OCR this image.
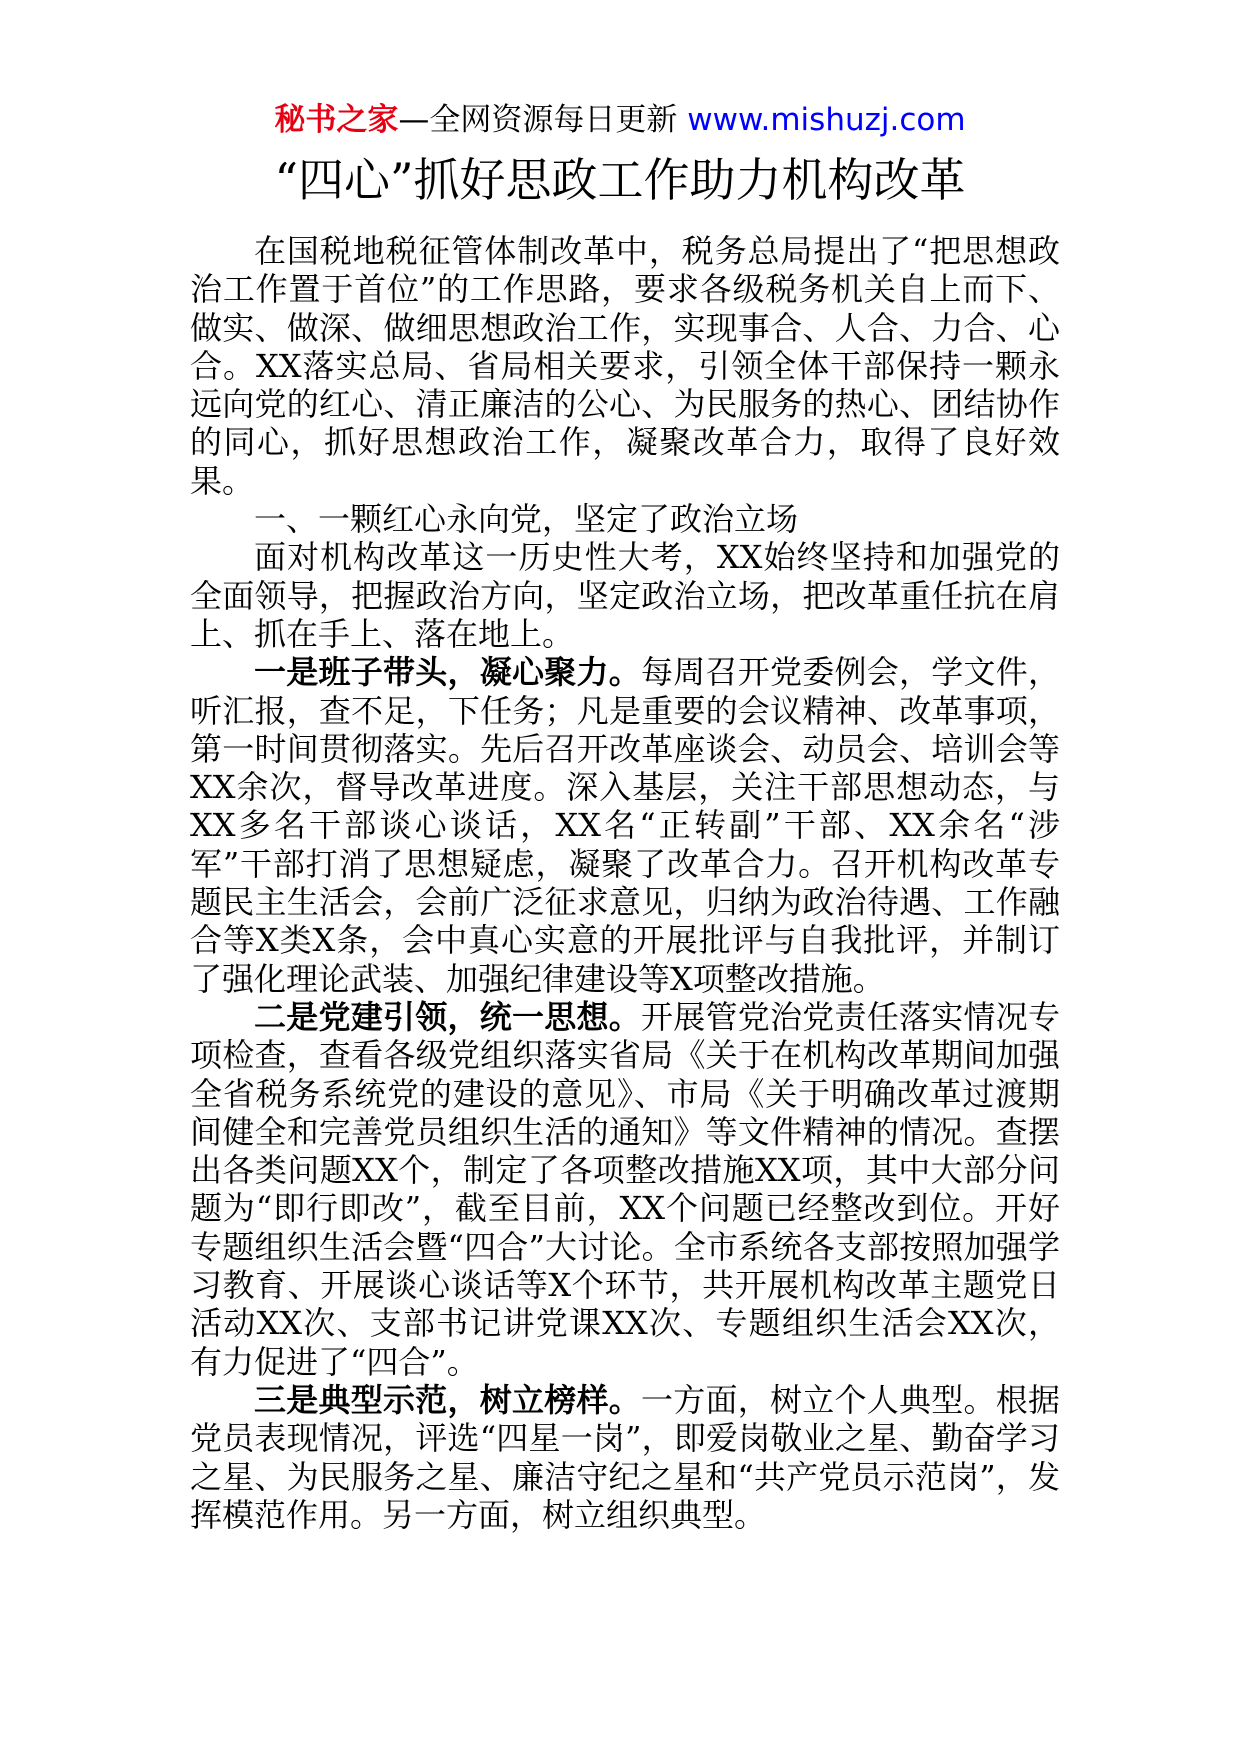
秘书之家—全网资源每日更新 www.mishuzj.com
“四心”抓好思政工作助力机构改革

在国税地税征管体制改革中，税务总局提出了“把思想政治工作置于首位”的工作思路，要求各级税务机关自上而下、做实、做深、做细思想政治工作，实现事合、人合、力合、心合。XX落实总局、省局相关要求，引领全体干部保持一颗永远向党的红心、清正廉洁的公心、为民服务的热心、团结协作的同心，抓好思想政治工作，凝聚改革合力，取得了良好效果。

一、一颗红心永向党，坚定了政治立场

面对机构改革这一历史性大考，XX始终坚持和加强党的全面领导，把握政治方向，坚定政治立场，把改革重任抗在肩上、抓在手上、落在地上。

一是班子带头，凝心聚力。每周召开党委例会，学文件，听汇报，查不足，下任务；凡是重要的会议精神、改革事项，第一时间贯彻落实。先后召开改革座谈会、动员会、培训会等XX余次，督导改革进度。深入基层，关注干部思想动态，与XX多名干部谈心谈话，XX名“正转副”干部、XX余名“涉军”干部打消了思想疑虑，凝聚了改革合力。召开机构改革专题民主生活会，会前广泛征求意见，归纳为政治待遇、工作融合等X类X条，会中真心实意的开展批评与自我批评，并制订了强化理论武装、加强纪律建设等X项整改措施。

二是党建引领，统一思想。开展管党治党责任落实情况专项检查，查看各级党组织落实省局《关于在机构改革期间加强全省税务系统党的建设的意见》、市局《关于明确改革过渡期间健全和完善党员组织生活的通知》等文件精神的情况。查摆出各类问题XX个，制定了各项整改措施XX项，其中大部分问题为“即行即改”，截至目前，XX个问题已经整改到位。开好专题组织生活会暨“四合”大讨论。全市系统各支部按照加强学习教育、开展谈心谈话等X个环节，共开展机构改革主题党日活动XX次、支部书记讲党课XX次、专题组织生活会XX次，有力促进了“四合”。

三是典型示范，树立榜样。一方面，树立个人典型。根据党员表现情况，评选“四星一岗”，即爱岗敬业之星、勤奋学习之星、为民服务之星、廉洁守纪之星和“共产党员示范岗”，发挥模范作用。另一方面，树立组织典型。
